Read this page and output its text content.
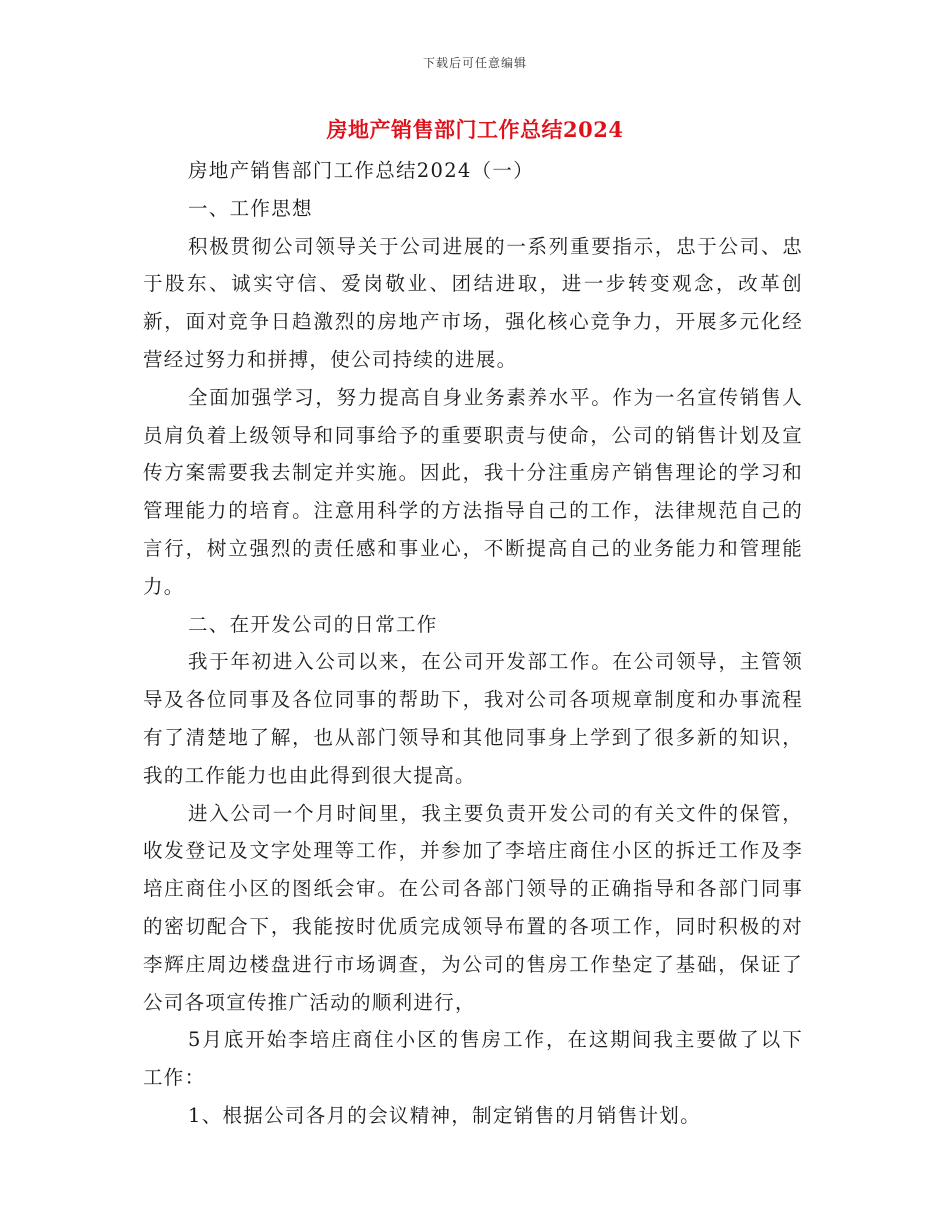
下载后可任意编辑
房地产销售部门工作总结2024

房地产销售部门工作总结2024（一）

一、工作思想

积极贯彻公司领导关于公司进展的一系列重要指示，忠于公司、忠于股东、诚实守信、爱岗敬业、团结进取，进一步转变观念，改革创新，面对竞争日趋激烈的房地产市场，强化核心竞争力，开展多元化经营经过努力和拼搏，使公司持续的进展。

全面加强学习，努力提高自身业务素养水平。作为一名宣传销售人员肩负着上级领导和同事给予的重要职责与使命，公司的销售计划及宣传方案需要我去制定并实施。因此，我十分注重房产销售理论的学习和管理能力的培育。注意用科学的方法指导自己的工作，法律规范自己的言行，树立强烈的责任感和事业心，不断提高自己的业务能力和管理能力。

二、在开发公司的日常工作

我于年初进入公司以来，在公司开发部工作。在公司领导，主管领导及各位同事及各位同事的帮助下，我对公司各项规章制度和办事流程有了清楚地了解，也从部门领导和其他同事身上学到了很多新的知识，我的工作能力也由此得到很大提高。

进入公司一个月时间里，我主要负责开发公司的有关文件的保管，收发登记及文字处理等工作，并参加了李培庄商住小区的拆迁工作及李培庄商住小区的图纸会审。在公司各部门领导的正确指导和各部门同事的密切配合下，我能按时优质完成领导布置的各项工作，同时积极的对李辉庄周边楼盘进行市场调查，为公司的售房工作垫定了基础，保证了公司各项宣传推广活动的顺利进行，

5月底开始李培庄商住小区的售房工作，在这期间我主要做了以下工作：

1、根据公司各月的会议精神，制定销售的月销售计划。
